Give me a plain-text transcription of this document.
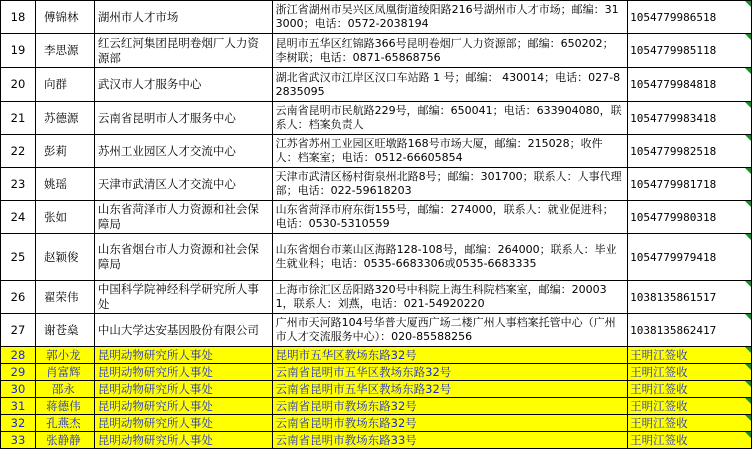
18	傅锦林	湖州市人才市场	浙江省湖州市吴兴区凤凰街道绫阳路216号湖州市人才市场；邮编：313000；电话：0572-2038194	1054779986518
19	李思源	红云红河集团昆明卷烟厂人力资源部	昆明市五华区红锦路366号昆明卷烟厂人力资源部；邮编：650202；李树联；电话：0871-65868756	1054779985118
20	向群	武汉市人才服务中心	湖北省武汉市江岸区汉口车站路 1 号；邮编： 430014；电话：027-82835095	1054779984818
21	苏德源	云南省昆明市人才服务中心	云南省昆明市民航路229号，邮编：650041；电话：633904080，联系人：档案负责人	1054779983418
22	彭莉	苏州工业园区人才交流中心	江苏省苏州工业园区旺墩路168号市场大厦，邮编：215028；收件人：档案室；电话：0512-66605854	1054779982518
23	姚瑶	天津市武清区人才交流中心	天津市武清区杨村街泉州北路8号；邮编：301700；联系人：人事代理部；电话：022-59618203	1054779981718
24	张如	山东省菏泽市人力资源和社会保障局	山东省菏泽市府东街155号，邮编：274000，联系人：就业促进科；电话：0530-5310559	1054779980318
25	赵颖俊	山东省烟台市人力资源和社会保障局	山东省烟台市莱山区海路128-108号，邮编：264000；联系人：毕业生就业科；电话：0535-6683306或0535-6683335	1054779979418
26	翟荣伟	中国科学院神经科学研究所人事处	上海市徐汇区岳阳路320号中科院上海生科院档案室，邮编：200031，联系人：刘燕，电话：021-54920220	1038135861517
27	谢苍燊	中山大学达安基因股份有限公司	广州市天河路104号华普大厦西广场二楼广州人事档案托管中心（广州市人才交流服务中心）：020-85588256	1038135862417
28	郭小龙	昆明动物研究所人事处	昆明市五华区教场东路32号	王明江签收
29	肖富辉	昆明动物研究所人事处	云南省昆明市五华区教场东路32号	王明江签收
30	邵永	昆明动物研究所人事处	云南省昆明市五华区教场东路32号	王明江签收
31	蒋德伟	昆明动物研究所人事处	云南省昆明市教场东路32号	王明江签收
32	孔燕杰	昆明动物研究所人事处	云南省昆明市教场东路32号	王明江签收
33	张静静	昆明动物研究所人事处	云南省昆明市教场东路33号	王明江签收
